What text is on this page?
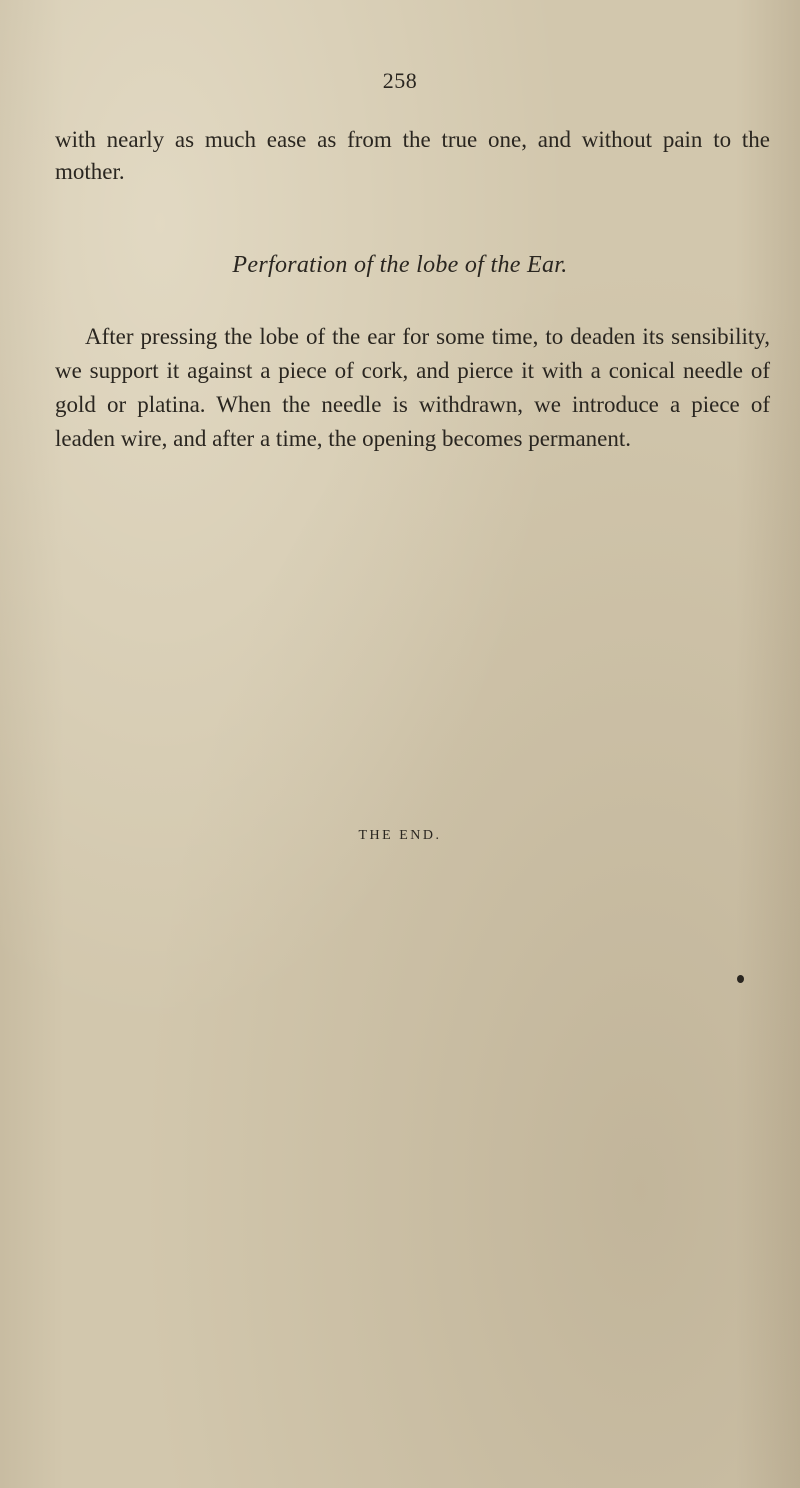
258

with nearly as much ease as from the true one, and without pain to the mother.

Perforation of the lobe of the Ear.

After pressing the lobe of the ear for some time, to deaden its sensibility, we support it against a piece of cork, and pierce it with a conical needle of gold or platina. When the needle is withdrawn, we introduce a piece of leaden wire, and after a time, the opening becomes permanent.

THE END.
